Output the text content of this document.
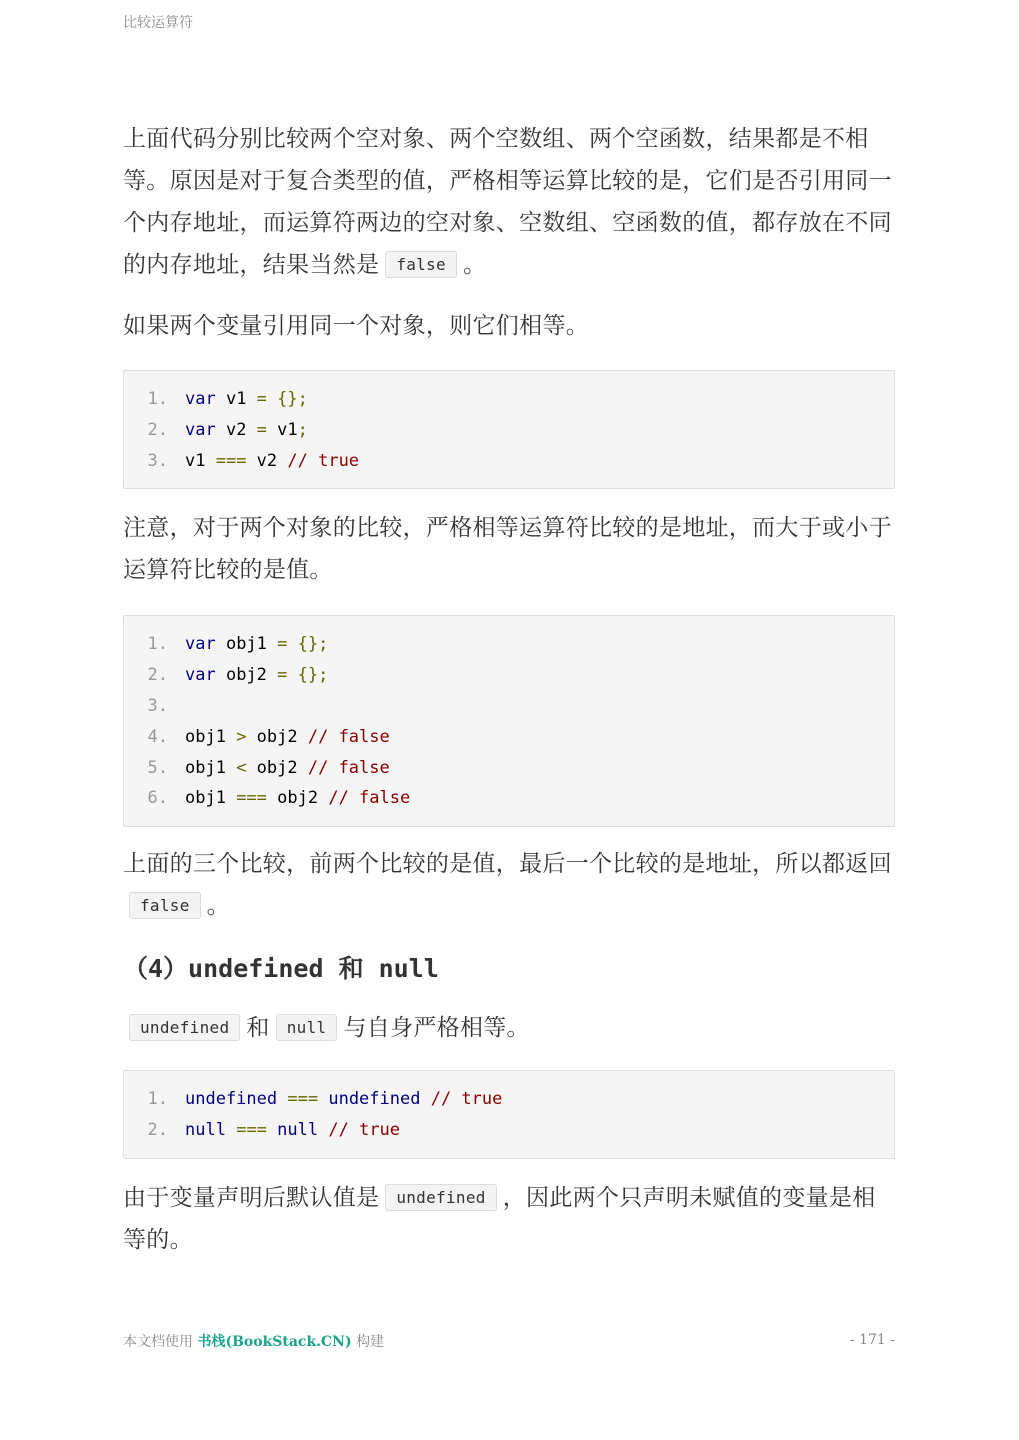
比较运算符

上面代码分别比较两个空对象、两个空数组、两个空函数，结果都是不相等。原因是对于复合类型的值，严格相等运算比较的是，它们是否引用同一个内存地址，而运算符两边的空对象、空数组、空函数的值，都存放在不同的内存地址，结果当然是 false 。

如果两个变量引用同一个对象，则它们相等。

1. var v1 = {};
2. var v2 = v1;
3. v1 === v2 // true

注意，对于两个对象的比较，严格相等运算符比较的是地址，而大于或小于运算符比较的是值。

1. var obj1 = {};
2. var obj2 = {};
3.
4. obj1 > obj2 // false
5. obj1 < obj2 // false
6. obj1 === obj2 // false

上面的三个比较，前两个比较的是值，最后一个比较的是地址，所以都返回false 。

（4）undefined 和 null

undefined 和 null 与自身严格相等。

1. undefined === undefined // true
2. null === null // true

由于变量声明后默认值是 undefined ，因此两个只声明未赋值的变量是相等的。

本文档使用 书栈(BookStack.CN) 构建	- 171 -
